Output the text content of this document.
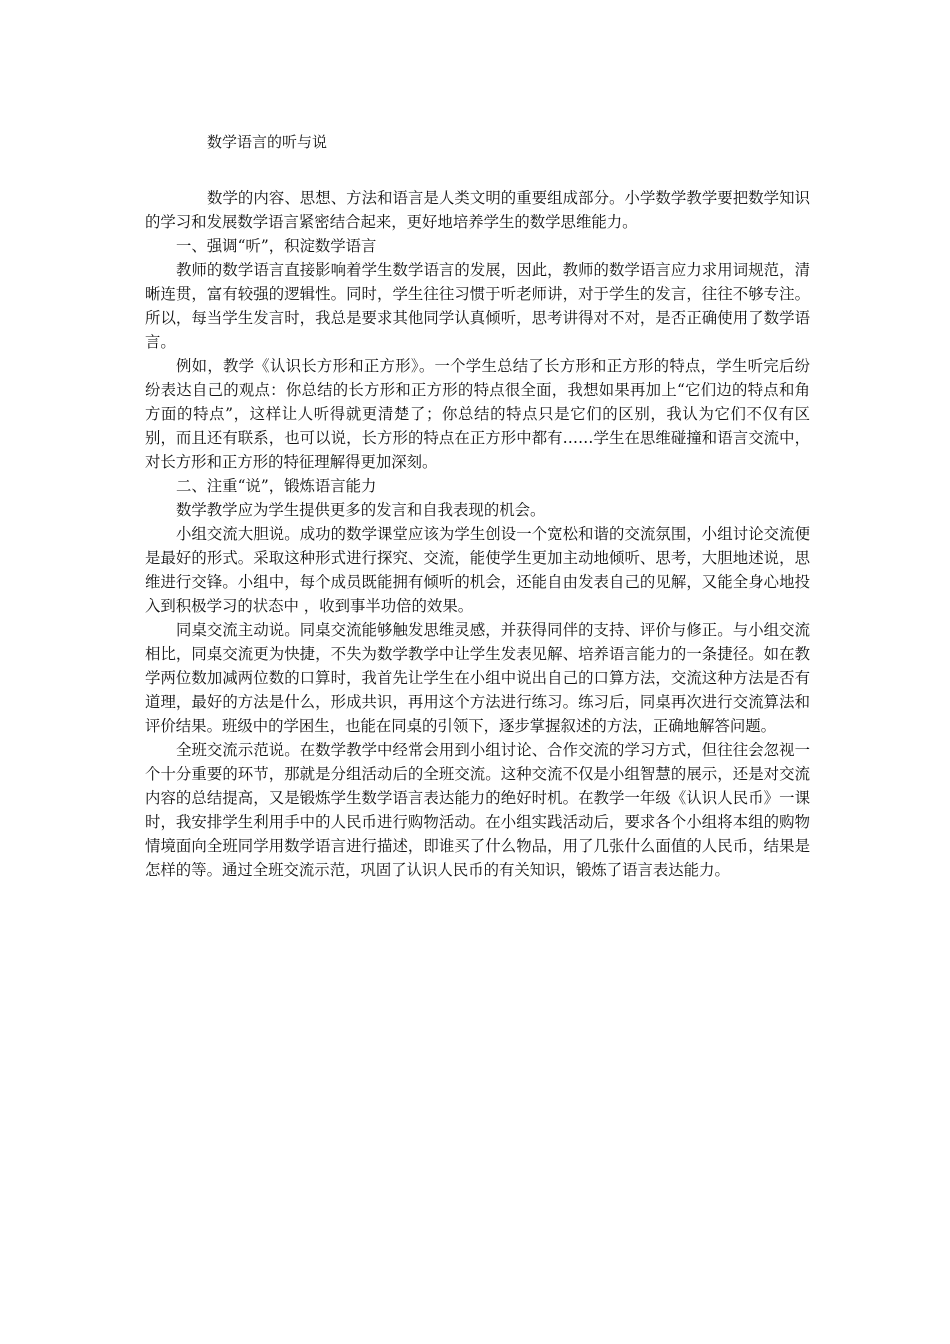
数学语言的听与说

数学的内容、思想、方法和语言是人类文明的重要组成部分。小学数学教学要把数学知识的学习和发展数学语言紧密结合起来，更好地培养学生的数学思维能力。

一、强调“听”，积淀数学语言

教师的数学语言直接影响着学生数学语言的发展，因此，教师的数学语言应力求用词规范，清晰连贯，富有较强的逻辑性。同时，学生往往习惯于听老师讲，对于学生的发言，往往不够专注。所以，每当学生发言时，我总是要求其他同学认真倾听，思考讲得对不对，是否正确使用了数学语言。

例如，教学《认识长方形和正方形》。一个学生总结了长方形和正方形的特点，学生听完后纷纷表达自己的观点：你总结的长方形和正方形的特点很全面，我想如果再加上“它们边的特点和角方面的特点”，这样让人听得就更清楚了；你总结的特点只是它们的区别，我认为它们不仅有区别，而且还有联系，也可以说，长方形的特点在正方形中都有……学生在思维碰撞和语言交流中，对长方形和正方形的特征理解得更加深刻。

二、注重“说”，锻炼语言能力

数学教学应为学生提供更多的发言和自我表现的机会。

小组交流大胆说。成功的数学课堂应该为学生创设一个宽松和谐的交流氛围，小组讨论交流便是最好的形式。采取这种形式进行探究、交流，能使学生更加主动地倾听、思考，大胆地述说，思维进行交锋。小组中，每个成员既能拥有倾听的机会，还能自由发表自己的见解，又能全身心地投入到积极学习的状态中 ，收到事半功倍的效果。

同桌交流主动说。同桌交流能够触发思维灵感，并获得同伴的支持、评价与修正。与小组交流相比，同桌交流更为快捷，不失为数学教学中让学生发表见解、培养语言能力的一条捷径。如在教学两位数加减两位数的口算时，我首先让学生在小组中说出自己的口算方法，交流这种方法是否有道理，最好的方法是什么，形成共识，再用这个方法进行练习。练习后，同桌再次进行交流算法和评价结果。班级中的学困生，也能在同桌的引领下，逐步掌握叙述的方法，正确地解答问题。

全班交流示范说。在数学教学中经常会用到小组讨论、合作交流的学习方式，但往往会忽视一个十分重要的环节，那就是分组活动后的全班交流。这种交流不仅是小组智慧的展示，还是对交流内容的总结提高，又是锻炼学生数学语言表达能力的绝好时机。在教学一年级《认识人民币》一课时，我安排学生利用手中的人民币进行购物活动。在小组实践活动后，要求各个小组将本组的购物情境面向全班同学用数学语言进行描述，即谁买了什么物品，用了几张什么面值的人民币，结果是怎样的等。通过全班交流示范，巩固了认识人民币的有关知识，锻炼了语言表达能力。
